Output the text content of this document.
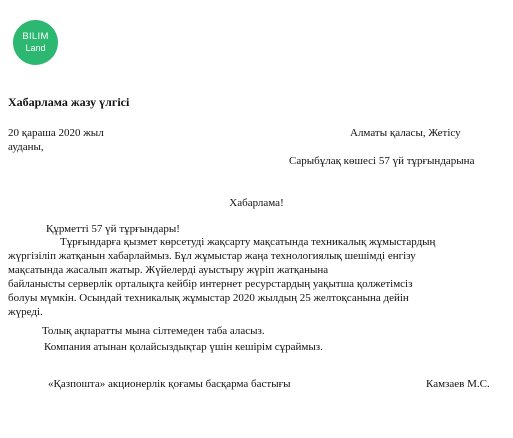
BILIM
Land
Хабарлама жазу үлгісі
20 қараша 2020 жыл	Алматы қаласы, Жетісу
ауданы,
Сарыбұлақ көшесі 57 үй тұрғындарына
Хабарлама!
Құрметті 57 үй тұрғындары!
Тұрғындарға қызмет көрсетуді жақсарту мақсатында техникалық жұмыстардың
жүргізіліп жатқанын хабарлаймыз. Бұл жұмыстар жаңа технологиялық шешімді енгізу
мақсатында жасалып жатыр. Жүйелерді ауыстыру жүріп жатқанына
байланысты серверлік орталықта кейбір интернет ресурстардың уақытша қолжетімсіз
болуы мүмкін. Осындай техникалық жұмыстар 2020 жылдың 25 желтоқсанына дейін
жүреді.
Толық ақпаратты мына сілтемеден таба аласыз.
Компания атынан қолайсыздықтар үшін кешірім сұраймыз.
«Қазпошта» акционерлік қоғамы басқарма бастығы	Камзаев М.С.
